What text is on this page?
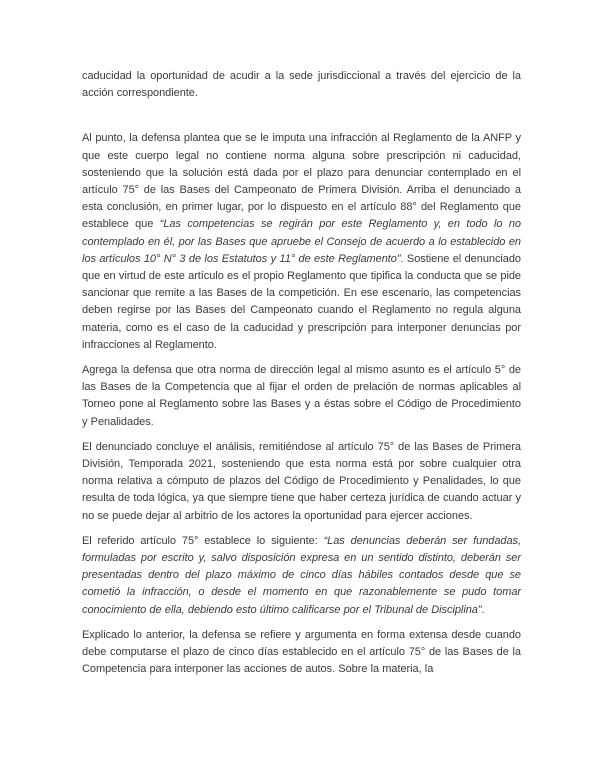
caducidad la oportunidad de acudir a la sede jurisdiccional a través del ejercicio de la acción correspondiente.

Al punto, la defensa plantea que se le imputa una infracción al Reglamento de la ANFP y que este cuerpo legal no contiene norma alguna sobre prescripción ni caducidad, sosteniendo que la solución está dada por el plazo para denunciar contemplado en el artículo 75° de las Bases del Campeonato de Primera División. Arriba el denunciado a esta conclusión, en primer lugar, por lo dispuesto en el artículo 88° del Reglamento que establece que “Las competencias se regirán por este Reglamento y, en todo lo no contemplado en él, por las Bases que apruebe el Consejo de acuerdo a lo establecido en los artículos 10° N° 3 de los Estatutos y 11° de este Reglamento”. Sostiene el denunciado que en virtud de este artículo es el propio Reglamento que tipifica la conducta que se pide sancionar que remite a las Bases de la competición. En ese escenario, las competencias deben regirse por las Bases del Campeonato cuando el Reglamento no regula alguna materia, como es el caso de la caducidad y prescripción para interponer denuncias por infracciones al Reglamento.

Agrega la defensa que otra norma de dirección legal al mismo asunto es el artículo 5° de las Bases de la Competencia que al fijar el orden de prelación de normas aplicables al Torneo pone al Reglamento sobre las Bases y a éstas sobre el Código de Procedimiento y Penalidades.

El denunciado concluye el análisis, remitiéndose al artículo 75° de las Bases de Primera División, Temporada 2021, sosteniendo que esta norma está por sobre cualquier otra norma relativa a cómputo de plazos del Código de Procedimiento y Penalidades, lo que resulta de toda lógica, ya que siempre tiene que haber certeza jurídica de cuando actuar y no se puede dejar al arbitrio de los actores la oportunidad para ejercer acciones.

El referido artículo 75° establece lo siguiente: “Las denuncias deberán ser fundadas, formuladas por escrito y, salvo disposición expresa en un sentido distinto, deberán ser presentadas dentro del plazo máximo de cinco días hábiles contados desde que se cometió la infracción, o desde el momento en que razonablemente se pudo tomar conocimiento de ella, debiendo esto último calificarse por el Tribunal de Disciplina”.

Explicado lo anterior, la defensa se refiere y argumenta en forma extensa desde cuando debe computarse el plazo de cinco días establecido en el artículo 75° de las Bases de la Competencia para interponer las acciones de autos. Sobre la materia, la
